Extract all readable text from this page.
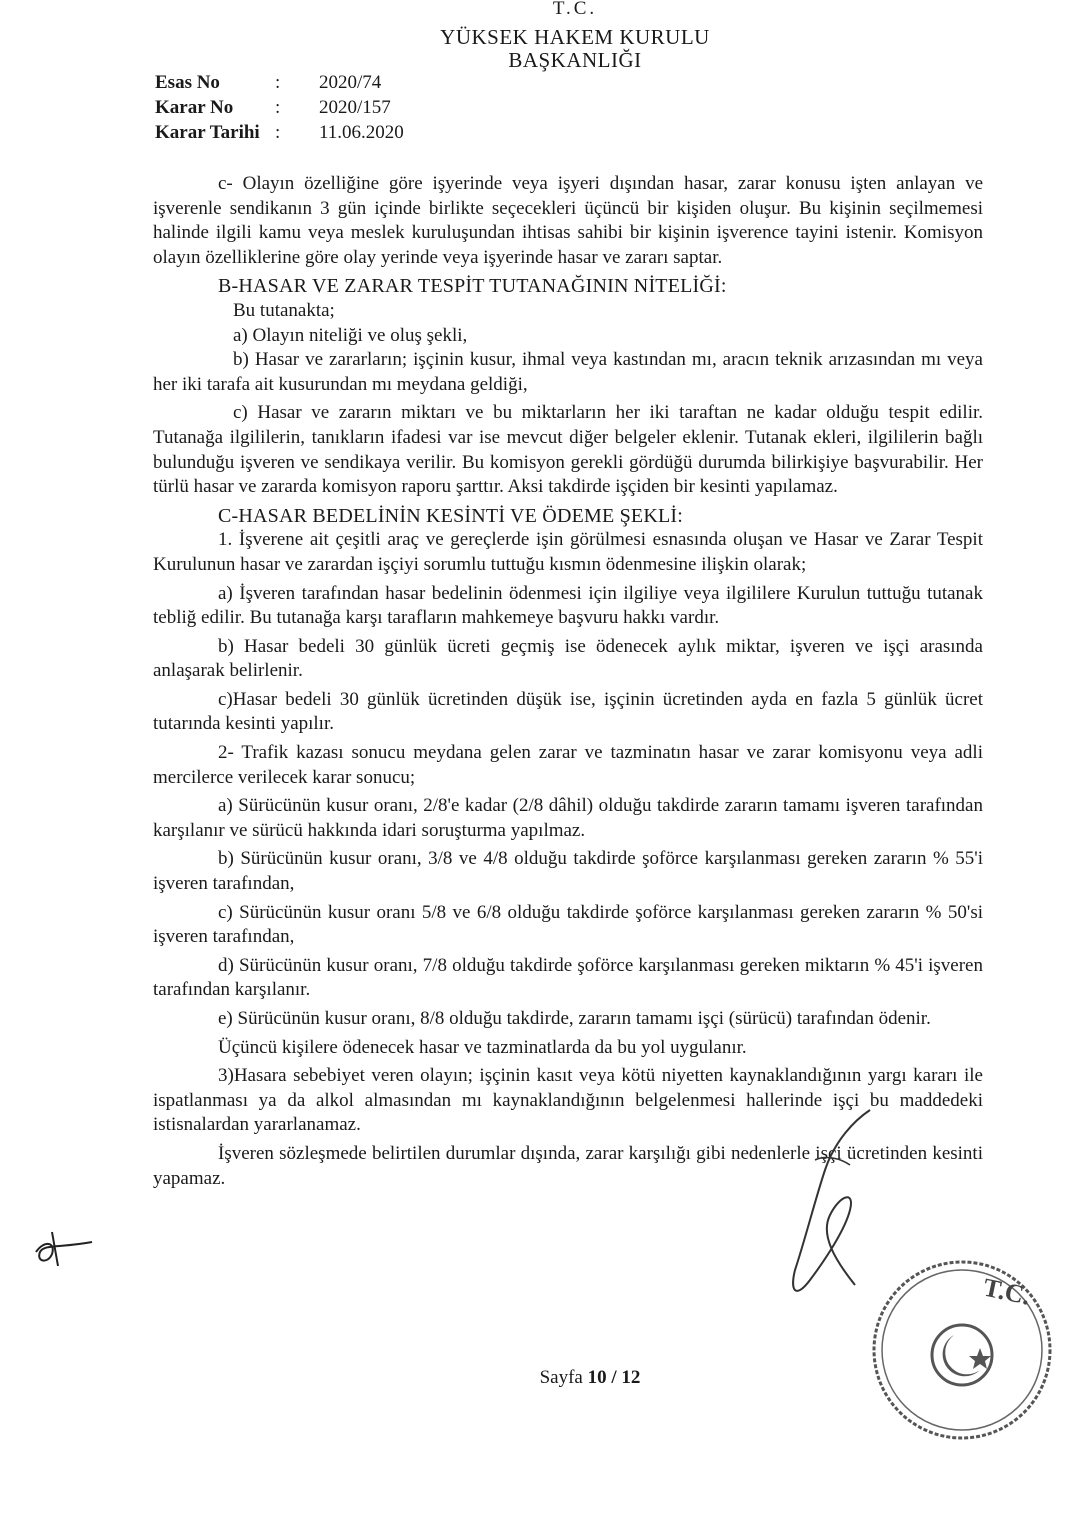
T.C.
YÜKSEK HAKEM KURULU
BAŞKANLIĞI
Esas No	:	2020/74
Karar No	:	2020/157
Karar Tarihi :	11.06.2020

c- Olayın özelliğine göre işyerinde veya işyeri dışından hasar, zarar konusu işten anlayan ve işverenle sendikanın 3 gün içinde birlikte seçecekleri üçüncü bir kişiden oluşur. Bu kişinin seçilmemesi halinde ilgili kamu veya meslek kuruluşundan ihtisas sahibi bir kişinin işverence tayini istenir. Komisyon olayın özelliklerine göre olay yerinde veya işyerinde hasar ve zararı saptar.

B-HASAR VE ZARAR TESPİT TUTANAĞININ NİTELİĞİ:

Bu tutanakta;

a) Olayın niteliği ve oluş şekli,

b) Hasar ve zararların; işçinin kusur, ihmal veya kastından mı, aracın teknik arızasından mı veya her iki tarafa ait kusurundan mı meydana geldiği,

c) Hasar ve zararın miktarı ve bu miktarların her iki taraftan ne kadar olduğu tespit edilir. Tutanağa ilgililerin, tanıkların ifadesi var ise mevcut diğer belgeler eklenir. Tutanak ekleri, ilgililerin bağlı bulunduğu işveren ve sendikaya verilir. Bu komisyon gerekli gördüğü durumda bilirkişiye başvurabilir. Her türlü hasar ve zararda komisyon raporu şarttır. Aksi takdirde işçiden bir kesinti yapılamaz.

C-HASAR BEDELİNİN KESİNTİ VE ÖDEME ŞEKLİ:

1. İşverene ait çeşitli araç ve gereçlerde işin görülmesi esnasında oluşan ve Hasar ve Zarar Tespit Kurulunun hasar ve zarardan işçiyi sorumlu tuttuğu kısmın ödenmesine ilişkin olarak;

a) İşveren tarafından hasar bedelinin ödenmesi için ilgiliye veya ilgililere Kurulun tuttuğu tutanak tebliğ edilir. Bu tutanağa karşı tarafların mahkemeye başvuru hakkı vardır.

b) Hasar bedeli 30 günlük ücreti geçmiş ise ödenecek aylık miktar, işveren ve işçi arasında anlaşarak belirlenir.

c)Hasar bedeli 30 günlük ücretinden düşük ise, işçinin ücretinden ayda en fazla 5 günlük ücret tutarında kesinti yapılır.

2- Trafik kazası sonucu meydana gelen zarar ve tazminatın hasar ve zarar komisyonu veya adli mercilerce verilecek karar sonucu;

a) Sürücünün kusur oranı, 2/8'e kadar (2/8 dâhil) olduğu takdirde zararın tamamı işveren tarafından karşılanır ve sürücü hakkında idari soruşturma yapılmaz.

b) Sürücünün kusur oranı, 3/8 ve 4/8 olduğu takdirde şoförce karşılanması gereken zararın % 55'i işveren tarafından,

c) Sürücünün kusur oranı 5/8 ve 6/8 olduğu takdirde şoförce karşılanması gereken zararın % 50'si işveren tarafından,

d) Sürücünün kusur oranı, 7/8 olduğu takdirde şoförce karşılanması gereken miktarın % 45'i işveren tarafından karşılanır.

e) Sürücünün kusur oranı, 8/8 olduğu takdirde, zararın tamamı işçi (sürücü) tarafından ödenir.

Üçüncü kişilere ödenecek hasar ve tazminatlarda da bu yol uygulanır.

3)Hasara sebebiyet veren olayın; işçinin kasıt veya kötü niyetten kaynaklandığının yargı kararı ile ispatlanması ya da alkol almasından mı kaynaklandığının belgelenmesi hallerinde işçi bu maddedeki istisnalardan yararlanamaz.

İşveren sözleşmede belirtilen durumlar dışında, zarar karşılığı gibi nedenlerle işçi ücretinden kesinti yapamaz.

T.C.
Sayfa 10 / 12
